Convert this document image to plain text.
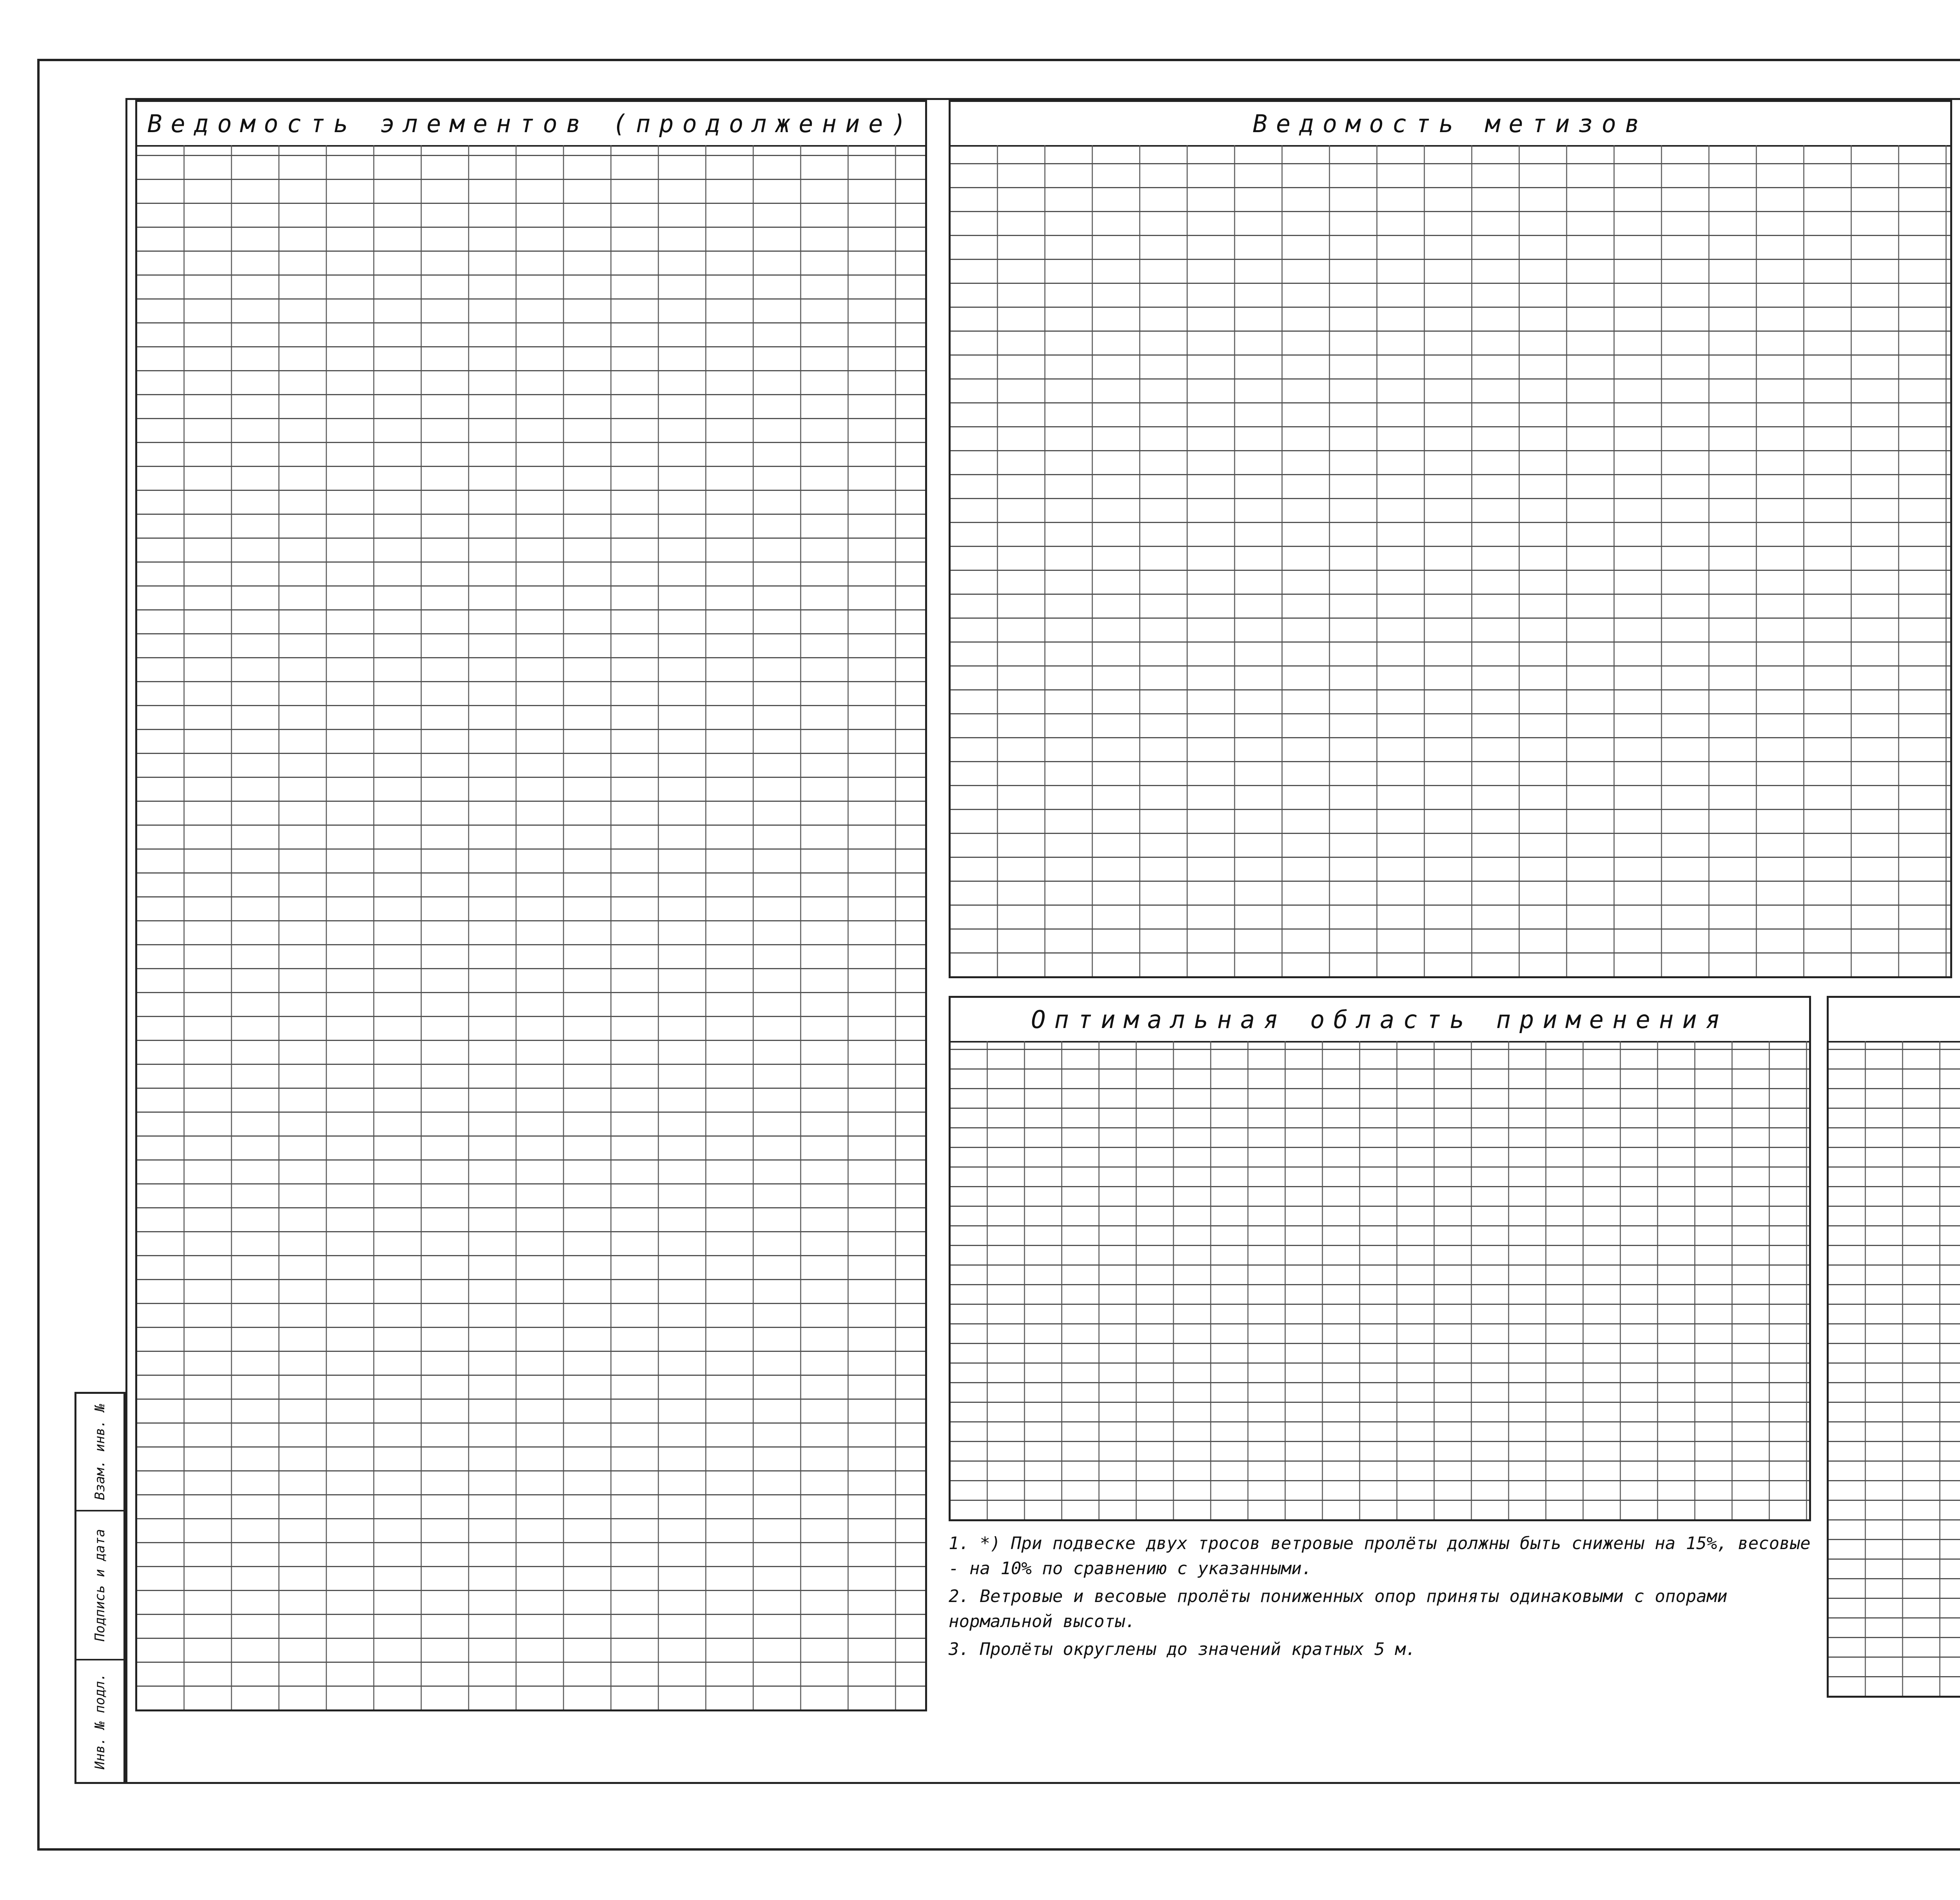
Ведомость элементов (продолжение)	Ведомость метизов

Оптимальная область применения
1. *) При подвеске двух тросов ветровые пролёты должны быть снижены на 15%, весовые - на 10% по сравнению с указанными.
2. Ветровые и весовые пролёты пониженных опор приняты одинаковыми с опорами нормальной высоты.
3. Пролёты округлены до значений кратных 5 м.
Взам. инв. №
Подпись и дата
Инв. № подл.
